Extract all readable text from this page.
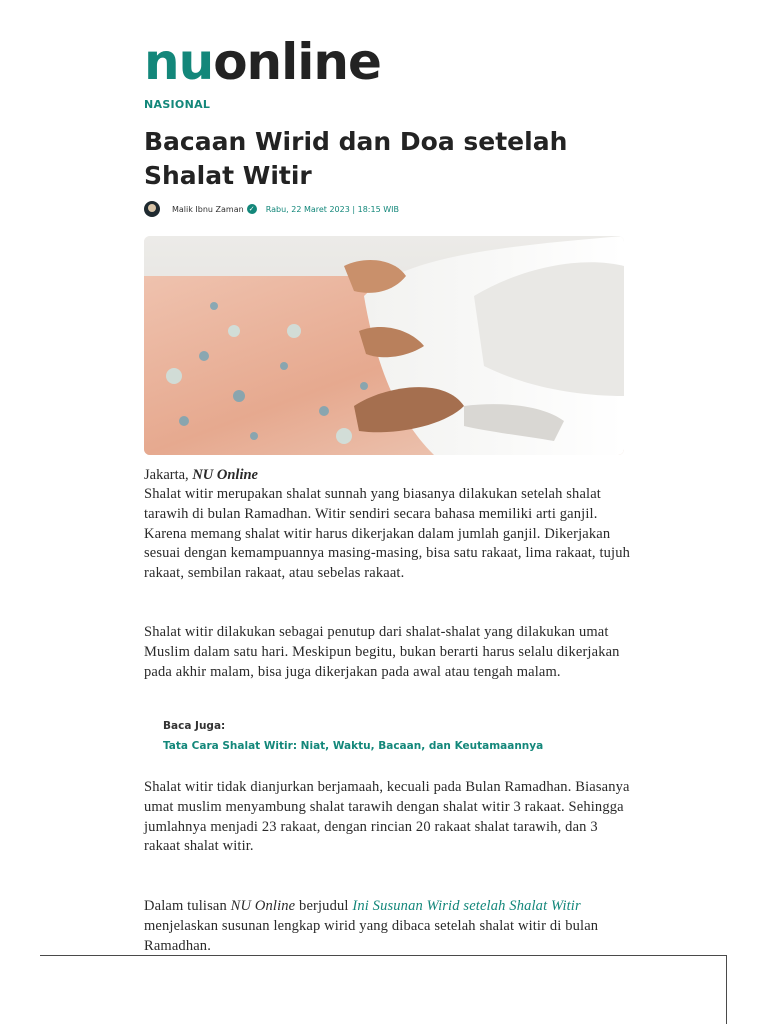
nuonline
NASIONAL
Bacaan Wirid dan Doa setelah Shalat Witir
Malik Ibnu Zaman ✓ Rabu, 22 Maret 2023 | 18:15 WIB
Jakarta, NU Online

Shalat witir merupakan shalat sunnah yang biasanya dilakukan setelah shalat tarawih di bulan Ramadhan. Witir sendiri secara bahasa memiliki arti ganjil. Karena memang shalat witir harus dikerjakan dalam jumlah ganjil. Dikerjakan sesuai dengan kemampuannya masing-masing, bisa satu rakaat, lima rakaat, tujuh rakaat, sembilan rakaat, atau sebelas rakaat.

Shalat witir dilakukan sebagai penutup dari shalat-shalat yang dilakukan umat Muslim dalam satu hari. Meskipun begitu, bukan berarti harus selalu dikerjakan pada akhir malam, bisa juga dikerjakan pada awal atau tengah malam.

Baca Juga:
Tata Cara Shalat Witir: Niat, Waktu, Bacaan, dan Keutamaannya

Shalat witir tidak dianjurkan berjamaah, kecuali pada Bulan Ramadhan. Biasanya umat muslim menyambung shalat tarawih dengan shalat witir 3 rakaat. Sehingga jumlahnya menjadi 23 rakaat, dengan rincian 20 rakaat shalat tarawih, dan 3 rakaat shalat witir.

Dalam tulisan NU Online berjudul Ini Susunan Wirid setelah Shalat Witir menjelaskan susunan lengkap wirid yang dibaca setelah shalat witir di bulan Ramadhan.
